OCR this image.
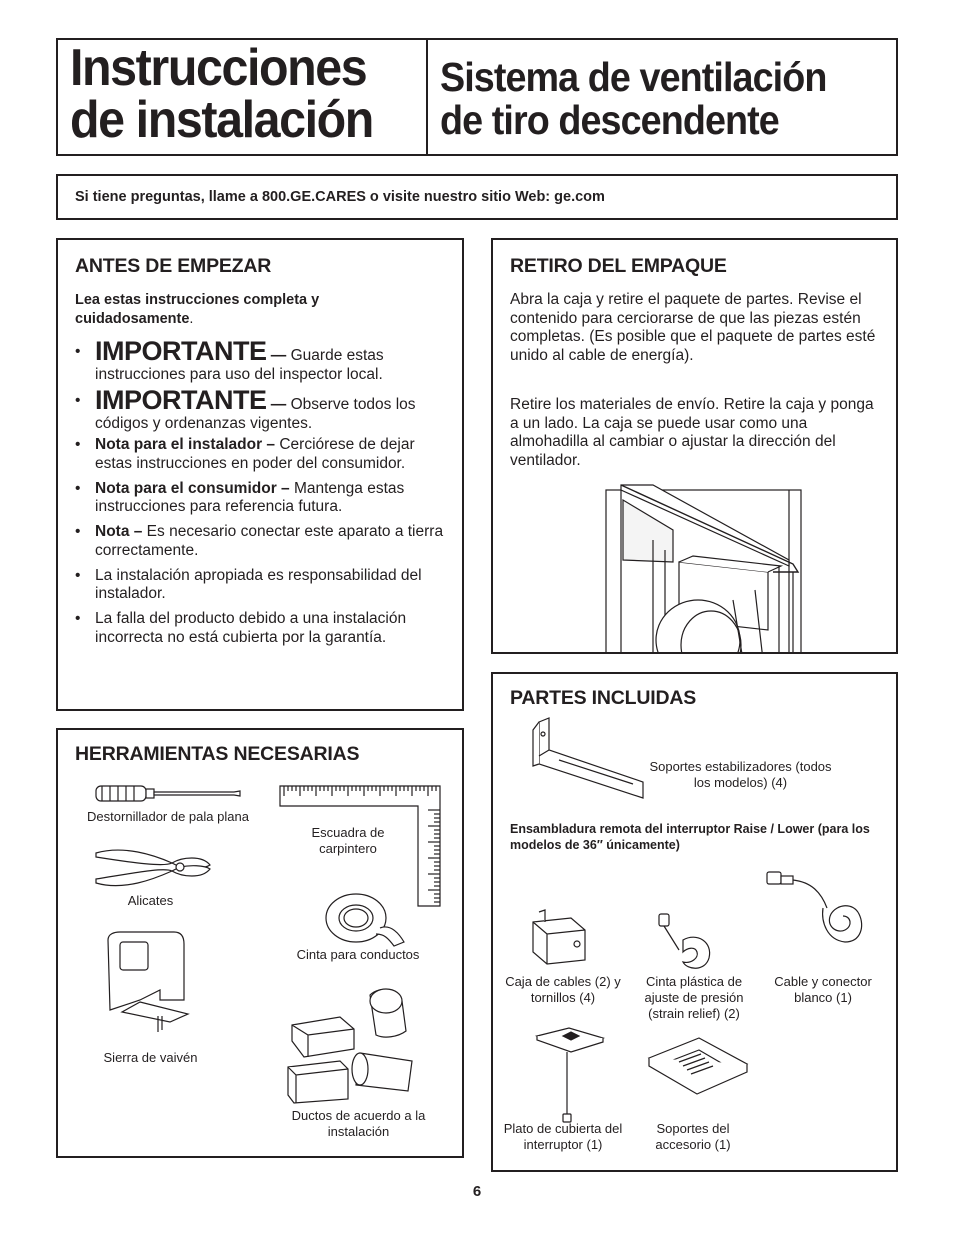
Instrucciones
de instalación
Sistema de ventilación
de tiro descendente
Si tiene preguntas, llame a 800.GE.CARES o visite nuestro sitio Web: ge.com
ANTES DE EMPEZAR
Lea estas instrucciones completa y cuidadosamente.
• IMPORTANTE — Guarde estas instrucciones para uso del inspector local.
• IMPORTANTE — Observe todos los códigos y ordenanzas vigentes.
• Nota para el instalador – Cerciórese de dejar estas instrucciones en poder del consumidor.
• Nota para el consumidor – Mantenga estas instrucciones para referencia futura.
• Nota – Es necesario conectar este aparato a tierra correctamente.
• La instalación apropiada es responsabilidad del instalador.
• La falla del producto debido a una instalación incorrecta no está cubierta por la garantía.
RETIRO DEL EMPAQUE
Abra la caja y retire el paquete de partes. Revise el contenido para cerciorarse de que las piezas estén completas. (Es posible que el paquete de partes esté unido al cable de energía).
Retire los materiales de envío. Retire la caja y ponga a un lado. La caja se puede usar como una almohadilla al cambiar o ajustar la dirección del ventilador.
HERRAMIENTAS NECESARIAS
Destornillador de pala plana
Escuadra de carpintero
Alicates
Cinta para conductos
Sierra de vaivén
Ductos de acuerdo a la instalación
PARTES INCLUIDAS
Soportes estabilizadores (todos los modelos) (4)
Ensambladura remota del interruptor Raise / Lower (para los modelos de 36″ únicamente)
Caja de cables (2) y tornillos (4)
Cinta plástica de ajuste de presión (strain relief) (2)
Cable y conector blanco (1)
Plato de cubierta del interruptor (1)
Soportes del accesorio (1)
6
